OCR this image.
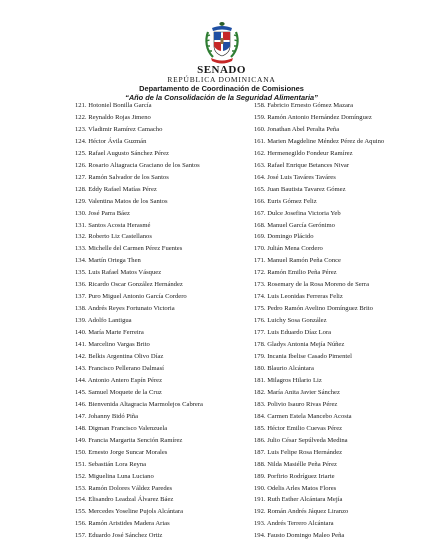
SENADO
REPÚBLICA DOMINICANA
Departamento de Coordinación de Comisiones
“Año de la Consolidación de la Seguridad Alimentaria”
121. Hotoniel Bonilla García
122. Reynaldo Rojas Jimeno
123. Vladimir Ramírez Camacho
124. Héctor Ávila Guzmán
125. Rafael Augusto Sánchez Pérez
126. Rosario Altagracia Graciano de los Santos
127. Ramón Salvador de los Santos
128. Eddy Rafael Matías Pérez
129. Valentina Matos de los Santos
130. José Parra Báez
131. Santos Acosta Herasmé
132. Roberto Liz Castellanos
133. Michelle del Carmen Pérez Fuentes
134. Martín Ortega Then
135. Luis Rafael Matos Vásquez
136. Ricardo Oscar González Hernández
137. Puro Miguel Antonio García Cordero
138. Andrés Reyes Fortunato Victoria
139. Adolfo Lantigua
140. María Marte Ferreira
141. Marcelino Vargas Brito
142. Belkis Argentina Olivo Díaz
143. Francisco Pellerano Dalmasí
144. Antonio Antero Espín Pérez
145. Samuel Moquete de la Cruz
146. Bienvenida Altagracia Marmolejos Cabrera
147. Johanny Bidó Piña
148. Digman Francisco Valenzuela
149. Francia Margarita Sención Ramírez
150. Ernesto Jorge Suncar Morales
151. Sebastián Lora Reyna
152. Miguelina Luna Luciano
153. Ramón Dolores Váldez Paredes
154. Elisandro Leadzal Álvarez Báez
155. Mercedes Yoseline Pujols Alcántara
156. Ramón Aristides Madera Arias
157. Eduardo José Sánchez Ortiz
158. Fabricio Ernesto Gómez Mazara
159. Ramón Antonio Hernández Domínguez
160. Jonathan Abel Peralta Peña
161. Marien Magdeline Méndez Pérez de Aquino
162. Hermenegildo Fondeur Ramírez
163. Rafael Enrique Betances Nivar
164. José Luis Taváres Taváres
165. Juan Bautista Tavarez Gómez
166. Euris Gómez Feliz
167. Dulce Josefina Victoria Yeb
168. Manuel García Gerónimo
169. Domingo Plácido
170. Julián Mena Cordero
171. Manuel Ramón Peña Conce
172. Ramón Emilio Peña Pérez
173. Rosemary de la Rosa Moreno de Serra
174. Luis Leonidas Ferreras Feliz
175. Pedro Ramón Avelino Domínguez Brito
176. Luichy Sosa González
177. Luis Eduardo Díaz Lora
178. Gladys Antonia Mejía Núñez
179. Incania Ibelise Casado Pimentel
180. Blaurio Alcántara
181. Milagros Hilario Liz
182. María Anita Javier Sánchez
183. Polivio Isauro Rivas Pérez
184. Carmen Estela Mancebo Acosta
185. Héctor Emilio Cuevas Pérez
186. Julio César Sepúlveda Medina
187. Luis Felipe Rosa Hernández
188. Nilda Masiélle Peña Pérez
189. Porfirio Rodríguez Iriarte
190. Odelis Arles Matos Flores
191. Ruth Esther Alcántara Mejía
192. Román Andrés Jáquez Liranzo
193. Andrés Terrero Alcántara
194. Fausto Domingo Maleo Peña
